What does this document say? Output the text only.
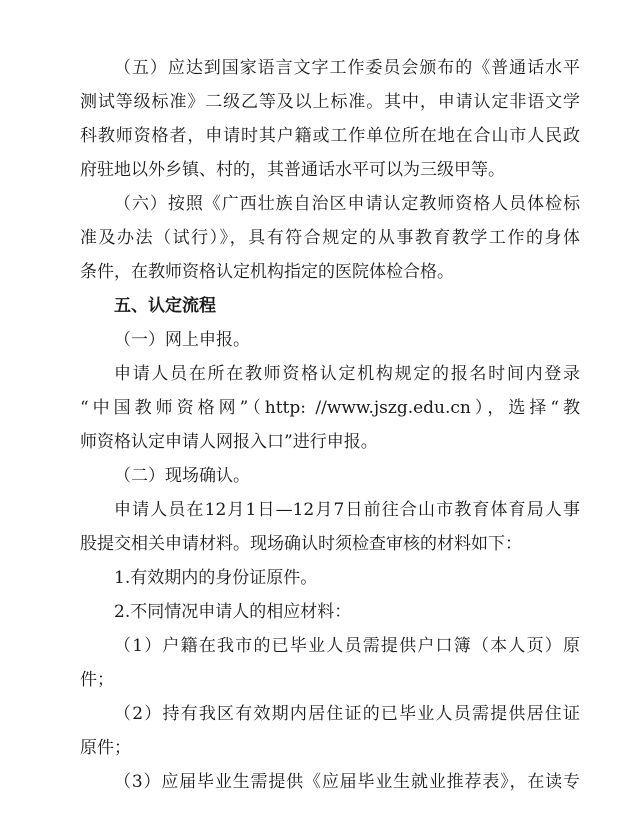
（五）应达到国家语言文字工作委员会颁布的《普通话水平
测试等级标准》二级乙等及以上标准。其中，申请认定非语文学
科教师资格者，申请时其户籍或工作单位所在地在合山市人民政
府驻地以外乡镇、村的，其普通话水平可以为三级甲等。
（六）按照《广西壮族自治区申请认定教师资格人员体检标
准及办法（试行）》，具有符合规定的从事教育教学工作的身体
条件，在教师资格认定机构指定的医院体检合格。
五、认定流程
（一）网上申报。
申请人员在所在教师资格认定机构规定的报名时间内登录
“中国教师资格网”（http: //www.jszg.edu.cn），选择“教
师资格认定申请人网报入口”进行申报。
（二）现场确认。
申请人员在12月1日—12月7日前往合山市教育体育局人事
股提交相关申请材料。现场确认时须检查审核的材料如下：
1.有效期内的身份证原件。
2.不同情况申请人的相应材料：
（1）户籍在我市的已毕业人员需提供户口簿（本人页）原
件；
（2）持有我区有效期内居住证的已毕业人员需提供居住证
原件；
（3）应届毕业生需提供《应届毕业生就业推荐表》，在读专
